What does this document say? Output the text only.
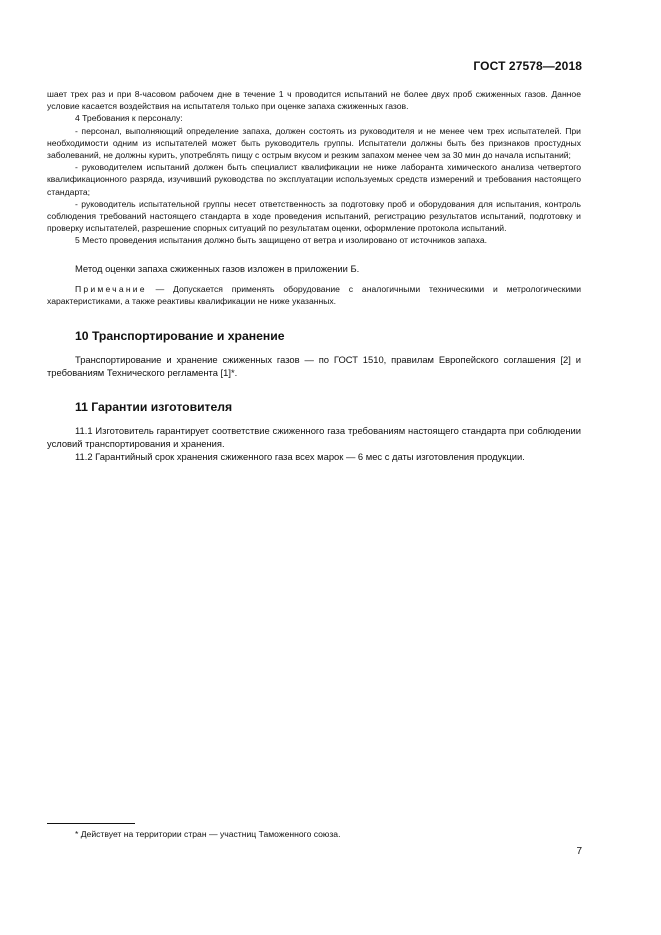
ГОСТ 27578—2018

шает трех раз и при 8-часовом рабочем дне в течение 1 ч проводится испытаний не более двух проб сжиженных газов. Данное условие касается воздействия на испытателя только при оценке запаха сжиженных газов.

4 Требования к персоналу:

- персонал, выполняющий определение запаха, должен состоять из руководителя и не менее чем трех испытателей. При необходимости одним из испытателей может быть руководитель группы. Испытатели должны быть без признаков простудных заболеваний, не должны курить, употреблять пищу с острым вкусом и резким запахом менее чем за 30 мин до начала испытаний;

- руководителем испытаний должен быть специалист квалификации не ниже лаборанта химического анализа четвертого квалификационного разряда, изучивший руководства по эксплуатации используемых средств измерений и требования настоящего стандарта;

- руководитель испытательной группы несет ответственность за подготовку проб и оборудования для испытания, контроль соблюдения требований настоящего стандарта в ходе проведения испытаний, регистрацию результатов испытаний, подготовку и проверку испытателей, разрешение спорных ситуаций по результатам оценки, оформление протокола испытаний.

5 Место проведения испытания должно быть защищено от ветра и изолировано от источников запаха.

Метод оценки запаха сжиженных газов изложен в приложении Б.
Примечание — Допускается применять оборудование с аналогичными техническими и метрологическими характеристиками, а также реактивы квалификации не ниже указанных.
10 Транспортирование и хранение

Транспортирование и хранение сжиженных газов — по ГОСТ 1510, правилам Европейского соглашения [2] и требованиям Технического регламента [1]*.

11 Гарантии изготовителя

11.1 Изготовитель гарантирует соответствие сжиженного газа требованиям настоящего стандарта при соблюдении условий транспортирования и хранения.

11.2 Гарантийный срок хранения сжиженного газа всех марок — 6 мес с даты изготовления продукции.

* Действует на территории стран — участниц Таможенного союза.
7
